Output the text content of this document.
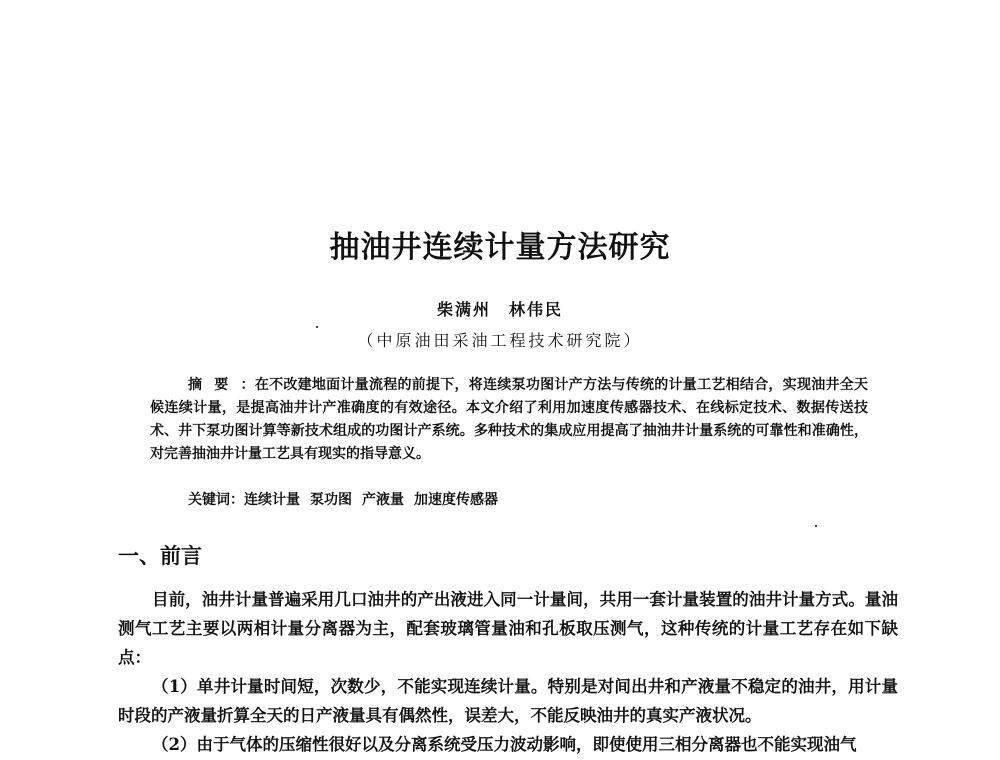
抽油井连续计量方法研究
柴满州　林伟民
（中原油田采油工程技术研究院）

摘要：在不改建地面计量流程的前提下，将连续泵功图计产方法与传统的计量工艺相结合，实现油井全天候连续计量，是提高油井计产准确度的有效途径。本文介绍了利用加速度传感器技术、在线标定技术、数据传送技术、井下泵功图计算等新技术组成的功图计产系统。多种技术的集成应用提高了抽油井计量系统的可靠性和准确性，对完善抽油井计量工艺具有现实的指导意义。

关键词：连续计量 泵功图 产液量 加速度传感器
一、前言

目前，油井计量普遍采用几口油井的产出液进入同一计量间，共用一套计量装置的油井计量方式。量油测气工艺主要以两相计量分离器为主，配套玻璃管量油和孔板取压测气，这种传统的计量工艺存在如下缺点：

（1）单井计量时间短，次数少，不能实现连续计量。特别是对间出井和产液量不稳定的油井，用计量时段的产液量折算全天的日产液量具有偶然性，误差大，不能反映油井的真实产液状况。

（2）由于气体的压缩性很好以及分离系统受压力波动影响，即使使用三相分离器也不能实现油气
